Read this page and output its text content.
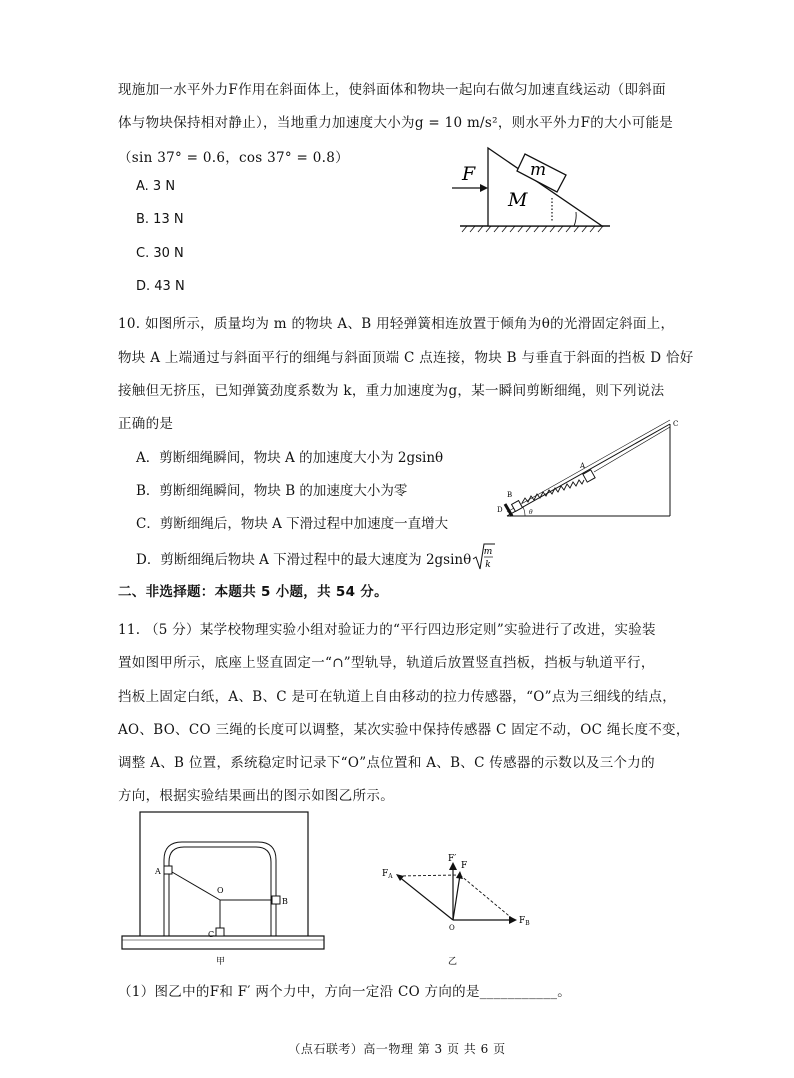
现施加一水平外力F作用在斜面体上，使斜面体和物块一起向右做匀加速直线运动（即斜面
体与物块保持相对静止），当地重力加速度大小为g = 10 m/s²，则水平外力F的大小可能是
（sin 37° = 0.6，cos 37° = 0.8）
A. 3 N
B. 13 N
C. 30 N
D. 43 N
F	m
M
10. 如图所示，质量均为 m 的物块 A、B 用轻弹簧相连放置于倾角为θ的光滑固定斜面上，
物块 A 上端通过与斜面平行的细绳与斜面顶端 C 点连接，物块 B 与垂直于斜面的挡板 D 恰好
接触但无挤压，已知弹簧劲度系数为 k，重力加速度为g，某一瞬间剪断细绳，则下列说法
正确的是
A．剪断细绳瞬间，物块 A 的加速度大小为 2gsinθ
B．剪断细绳瞬间，物块 B 的加速度大小为零
C．剪断细绳后，物块 A 下滑过程中加速度一直增大
D．剪断细绳后物块 A 下滑过程中的最大速度为 2gsinθ m
k
C
A
B
D	θ
二、非选择题：本题共 5 小题，共 54 分。
11. （5 分）某学校物理实验小组对验证力的“平行四边形定则”实验进行了改进，实验装
置如图甲所示，底座上竖直固定一“∩”型轨导，轨道后放置竖直挡板，挡板与轨道平行，
挡板上固定白纸，A、B、C 是可在轨道上自由移动的拉力传感器，“O”点为三细线的结点，
AO、BO、CO 三绳的长度可以调整，某次实验中保持传感器 C 固定不动，OC 绳长度不变，
调整 A、B 位置，系统稳定时记录下“O”点位置和 A、B、C 传感器的示数以及三个力的
方向，根据实验结果画出的图示如图乙所示。
A
O
B
C
甲
$F_A$
F′
F
O
$F_B$
乙
（1）图乙中的F和 F′ 两个力中，方向一定沿 CO 方向的是___________。
（点石联考）高一物理 第 3 页 共 6 页
